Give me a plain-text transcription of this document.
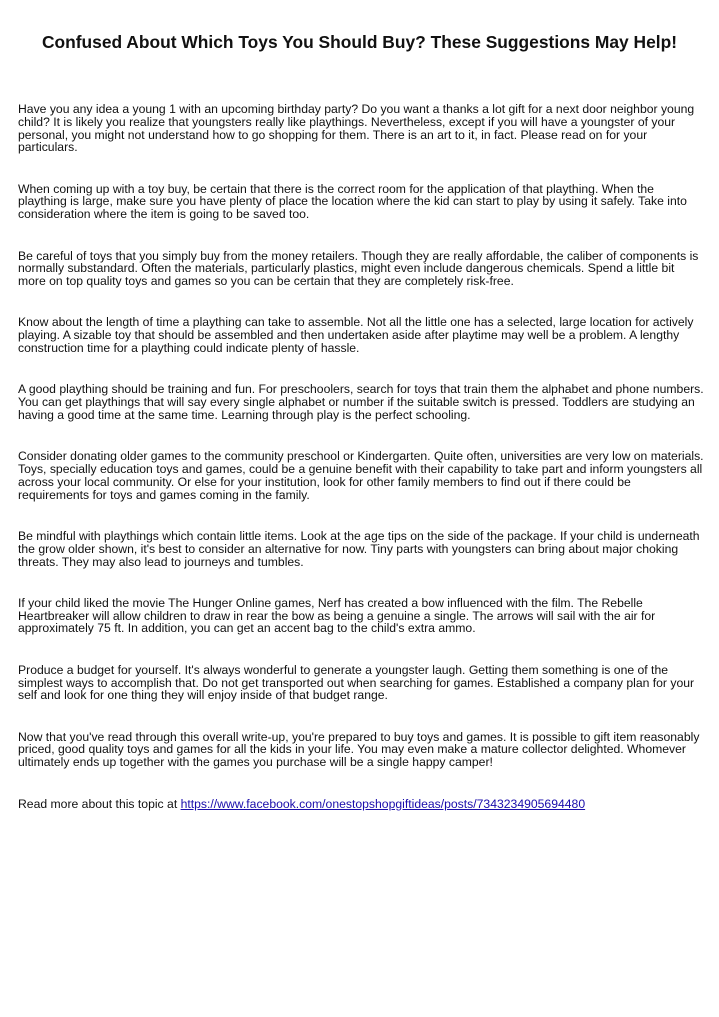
Confused About Which Toys You Should Buy? These Suggestions May Help!

Have you any idea a young 1 with an upcoming birthday party? Do you want a thanks a lot gift for a next door neighbor young child? It is likely you realize that youngsters really like playthings. Nevertheless, except if you will have a youngster of your personal, you might not understand how to go shopping for them. There is an art to it, in fact. Please read on for your particulars.

When coming up with a toy buy, be certain that there is the correct room for the application of that plaything. When the plaything is large, make sure you have plenty of place the location where the kid can start to play by using it safely. Take into consideration where the item is going to be saved too.

Be careful of toys that you simply buy from the money retailers. Though they are really affordable, the caliber of components is normally substandard. Often the materials, particularly plastics, might even include dangerous chemicals. Spend a little bit more on top quality toys and games so you can be certain that they are completely risk-free.

Know about the length of time a plaything can take to assemble. Not all the little one has a selected, large location for actively playing. A sizable toy that should be assembled and then undertaken aside after playtime may well be a problem. A lengthy construction time for a plaything could indicate plenty of hassle.

A good plaything should be training and fun. For preschoolers, search for toys that train them the alphabet and phone numbers. You can get playthings that will say every single alphabet or number if the suitable switch is pressed. Toddlers are studying an having a good time at the same time. Learning through play is the perfect schooling.

Consider donating older games to the community preschool or Kindergarten. Quite often, universities are very low on materials. Toys, specially education toys and games, could be a genuine benefit with their capability to take part and inform youngsters all across your local community. Or else for your institution, look for other family members to find out if there could be requirements for toys and games coming in the family.

Be mindful with playthings which contain little items. Look at the age tips on the side of the package. If your child is underneath the grow older shown, it's best to consider an alternative for now. Tiny parts with youngsters can bring about major choking threats. They may also lead to journeys and tumbles.

If your child liked the movie The Hunger Online games, Nerf has created a bow influenced with the film. The Rebelle Heartbreaker will allow children to draw in rear the bow as being a genuine a single. The arrows will sail with the air for approximately 75 ft. In addition, you can get an accent bag to the child's extra ammo.

Produce a budget for yourself. It's always wonderful to generate a youngster laugh. Getting them something is one of the simplest ways to accomplish that. Do not get transported out when searching for games. Established a company plan for your self and look for one thing they will enjoy inside of that budget range.

Now that you've read through this overall write-up, you're prepared to buy toys and games. It is possible to gift item reasonably priced, good quality toys and games for all the kids in your life. You may even make a mature collector delighted. Whomever ultimately ends up together with the games you purchase will be a single happy camper!

Read more about this topic at https://www.facebook.com/onestopshopgiftideas/posts/7343234905694480
